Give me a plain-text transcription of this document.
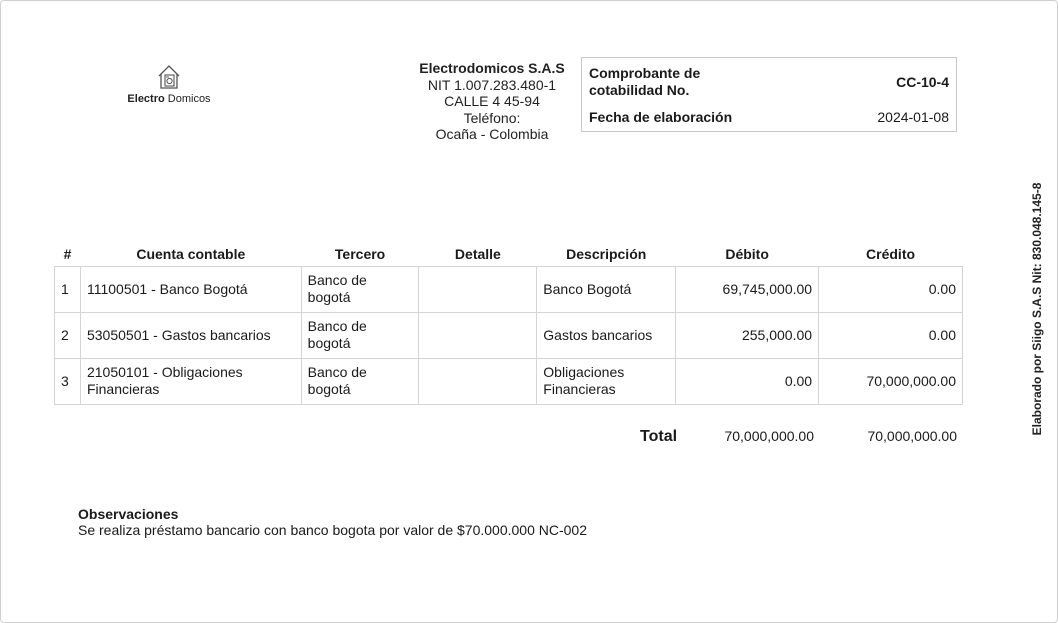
Electro Domicos
Electrodomicos S.A.S
NIT 1.007.283.480-1
CALLE 4 45-94
Teléfono:
Ocaña - Colombia
Comprobante de cotabilidad No.	CC-10-4
Fecha de elaboración	2024-01-08
Elaborado por Siigo S.A.S Nit: 830.048.145-8
#	Cuenta contable	Tercero	Detalle	Descripción	Débito	Crédito
1	11100501 - Banco Bogotá	Banco de bogotá		Banco Bogotá	69,745,000.00	0.00
2	53050501 - Gastos bancarios	Banco de bogotá		Gastos bancarios	255,000.00	0.00
3	21050101 - Obligaciones Financieras	Banco de bogotá		Obligaciones Financieras	0.00	70,000,000.00
Total	70,000,000.00	70,000,000.00
Observaciones
Se realiza préstamo bancario con banco bogota por valor de $70.000.000 NC-002
